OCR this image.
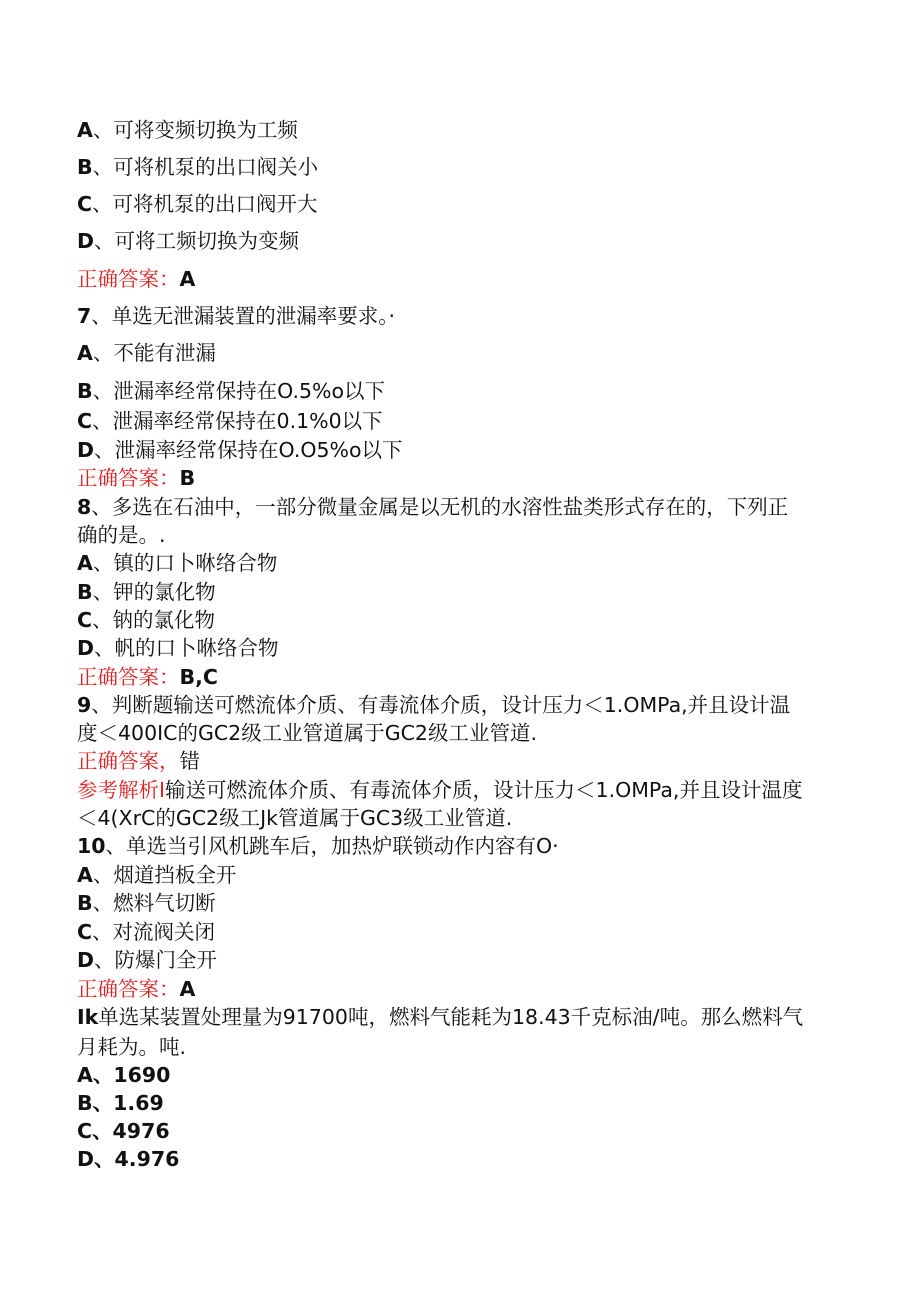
A、可将变频切换为工频
B、可将机泵的出口阀关小
C、可将机泵的出口阀开大
D、可将工频切换为变频
正确答案：A
7、单选无泄漏装置的泄漏率要求。·
A、不能有泄漏
B、泄漏率经常保持在O.5%o以下
C、泄漏率经常保持在0.1%0以下
D、泄漏率经常保持在O.O5%o以下
正确答案：B
8、多选在石油中，一部分微量金属是以无机的水溶性盐类形式存在的，下列正
确的是。.
A、镇的口卜咻络合物
B、钾的氯化物
C、钠的氯化物
D、帆的口卜咻络合物
正确答案：B,C
9、判断题输送可燃流体介质、有毒流体介质，设计压力＜1.OMPa,并且设计温
度＜400IC的GC2级工业管道属于GC2级工业管道.
正确答案，错
参考解析I输送可燃流体介质、有毒流体介质，设计压力＜1.OMPa,并且设计温度
＜4(XrC的GC2级工Jk管道属于GC3级工业管道.
10、单选当引风机跳车后，加热炉联锁动作内容有O·
A、烟道挡板全开
B、燃料气切断
C、对流阀关闭
D、防爆门全开
正确答案：A
Ik单选某装置处理量为91700吨，燃料气能耗为18.43千克标油/吨。那么燃料气
月耗为。吨.
A、1690
B、1.69
C、4976
D、4.976
